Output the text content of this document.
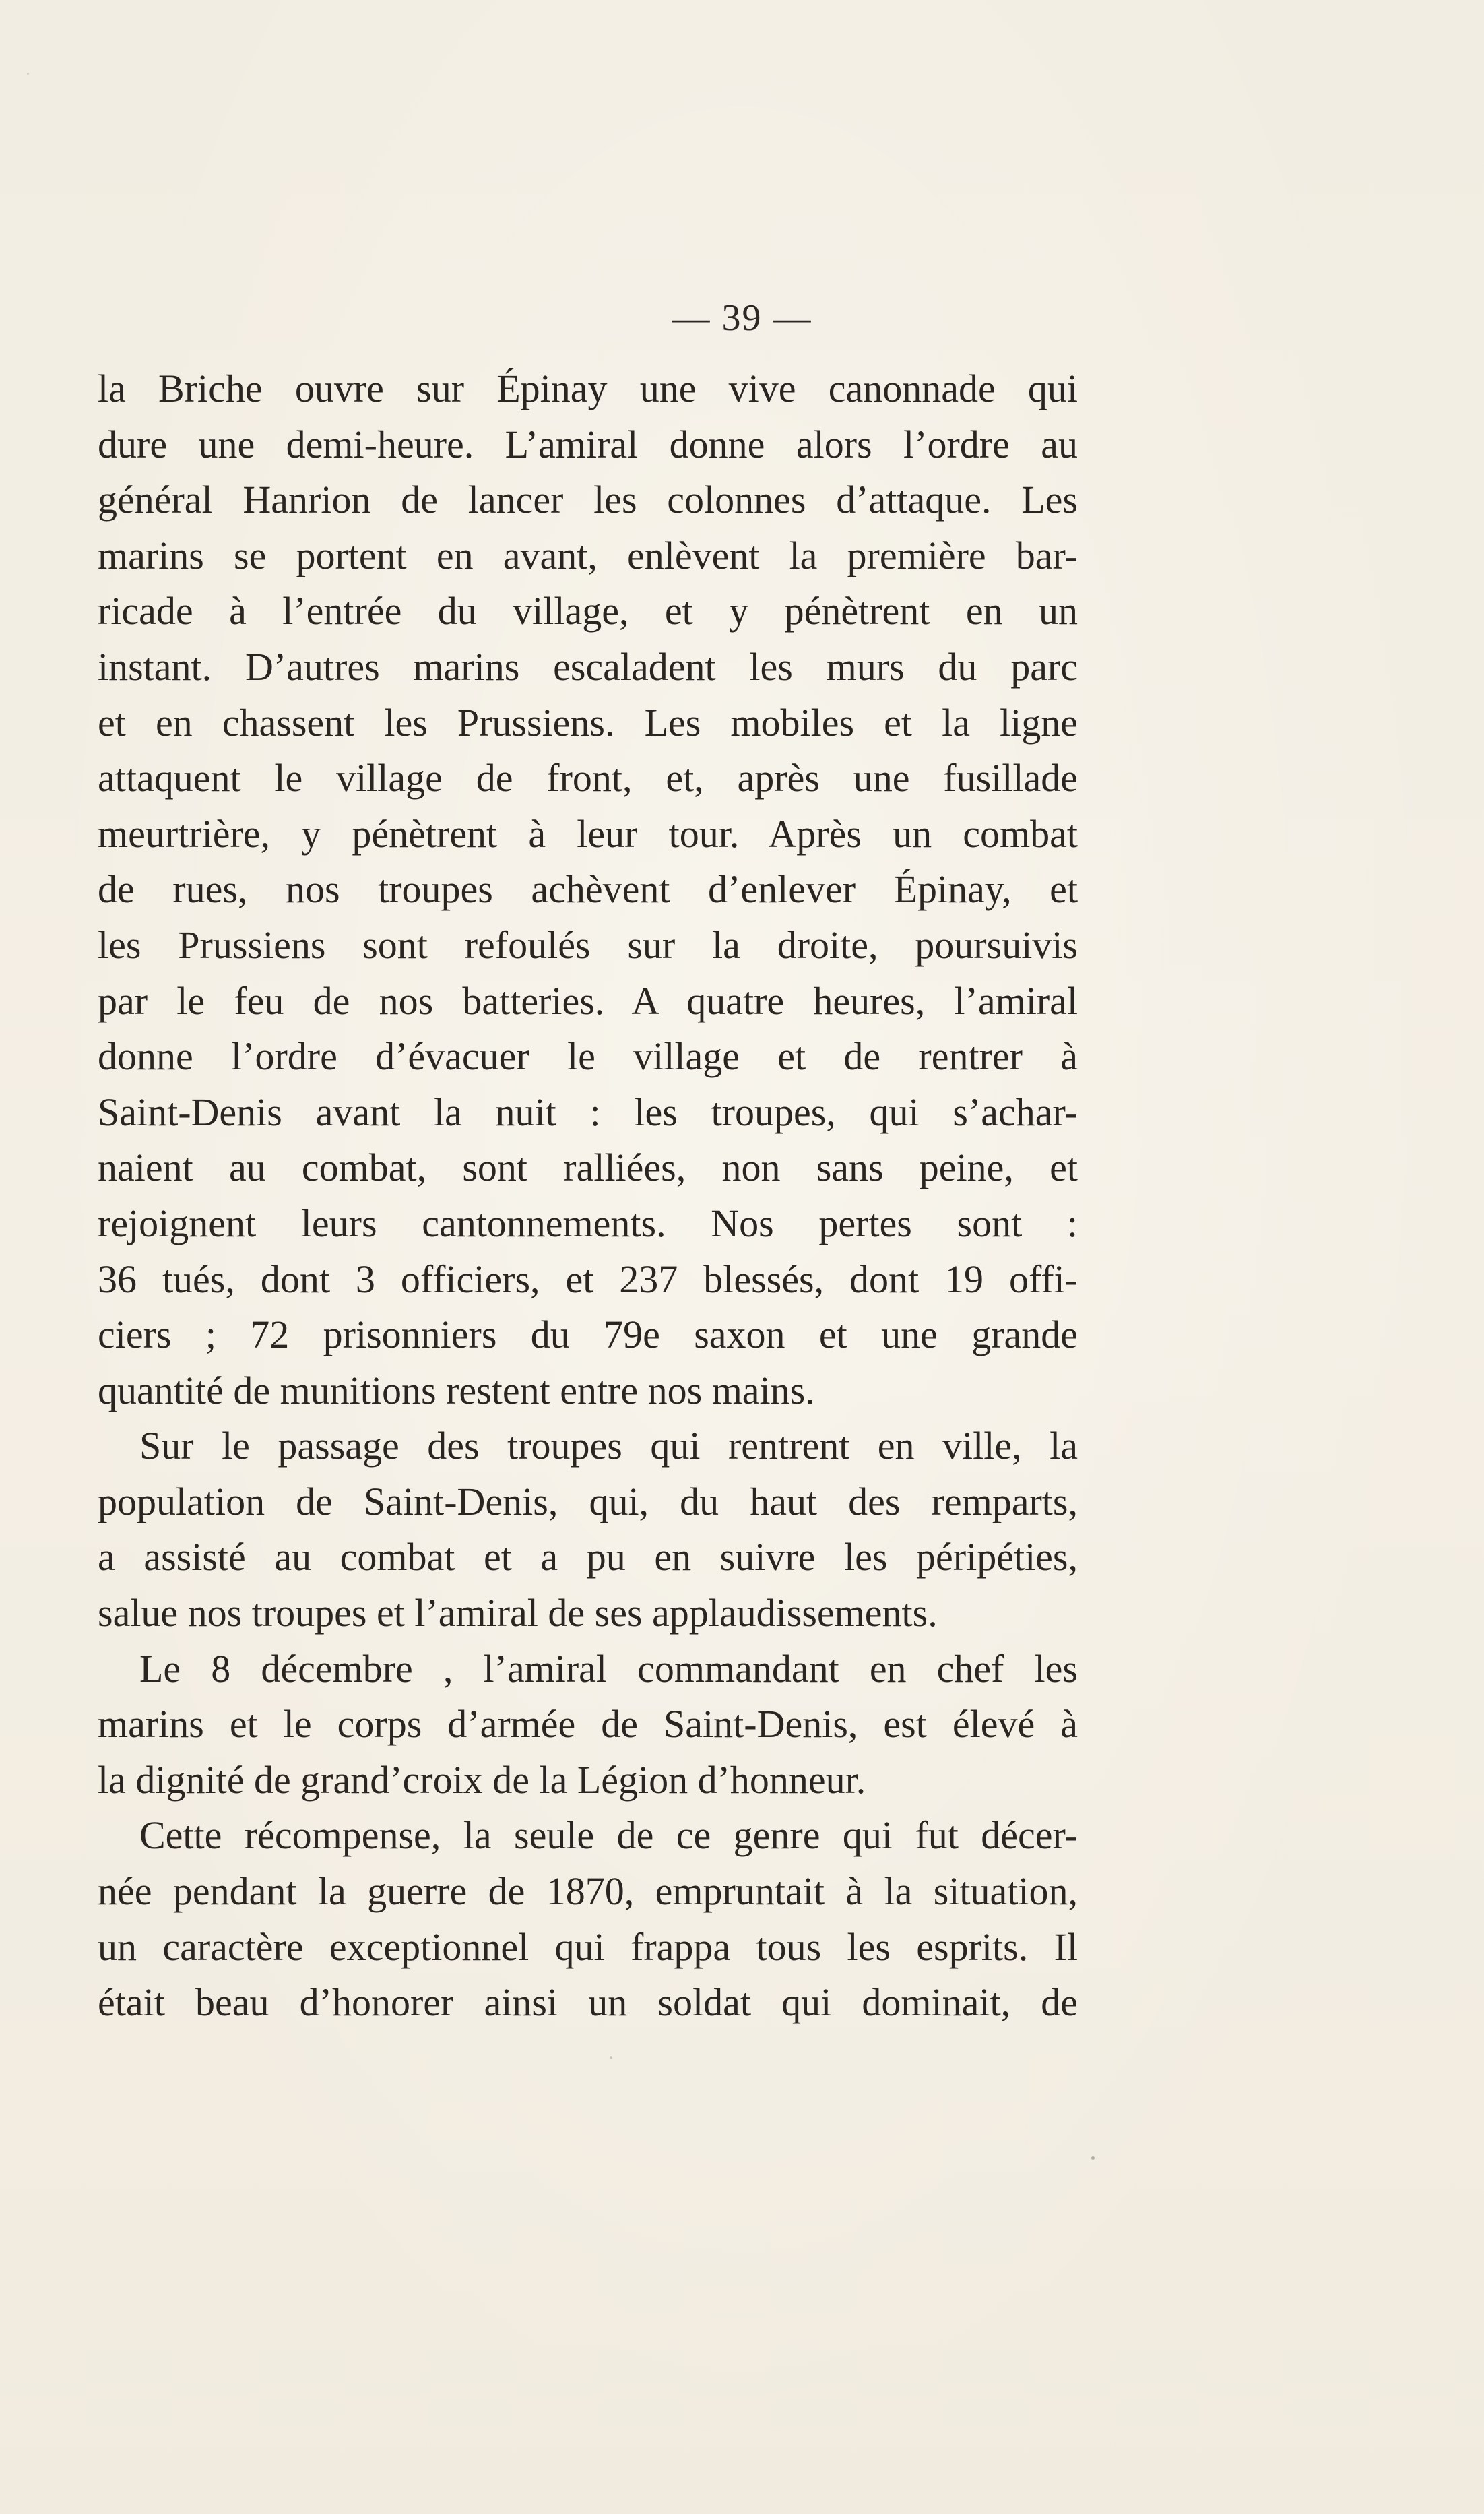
— 39 —
la Briche ouvre sur Épinay une vive canonnade qui
dure une demi-heure. L’amiral donne alors l’ordre au
général Hanrion de lancer les colonnes d’attaque. Les
marins se portent en avant, enlèvent la première bar-
ricade à l’entrée du village, et y pénètrent en un
instant. D’autres marins escaladent les murs du parc
et en chassent les Prussiens. Les mobiles et la ligne
attaquent le village de front, et, après une fusillade
meurtrière, y pénètrent à leur tour. Après un combat
de rues, nos troupes achèvent d’enlever Épinay, et
les Prussiens sont refoulés sur la droite, poursuivis
par le feu de nos batteries. A quatre heures, l’amiral
donne l’ordre d’évacuer le village et de rentrer à
Saint-Denis avant la nuit : les troupes, qui s’achar-
naient au combat, sont ralliées, non sans peine, et
rejoignent leurs cantonnements. Nos pertes sont :
36 tués, dont 3 officiers, et 237 blessés, dont 19 offi-
ciers ; 72 prisonniers du 79e saxon et une grande
quantité de munitions restent entre nos mains.
Sur le passage des troupes qui rentrent en ville, la
population de Saint-Denis, qui, du haut des remparts,
a assisté au combat et a pu en suivre les péripéties,
salue nos troupes et l’amiral de ses applaudissements.
Le 8 décembre , l’amiral commandant en chef les
marins et le corps d’armée de Saint-Denis, est élevé à
la dignité de grand’croix de la Légion d’honneur.
Cette récompense, la seule de ce genre qui fut décer-
née pendant la guerre de 1870, empruntait à la situation,
un caractère exceptionnel qui frappa tous les esprits. Il
était beau d’honorer ainsi un soldat qui dominait, de
